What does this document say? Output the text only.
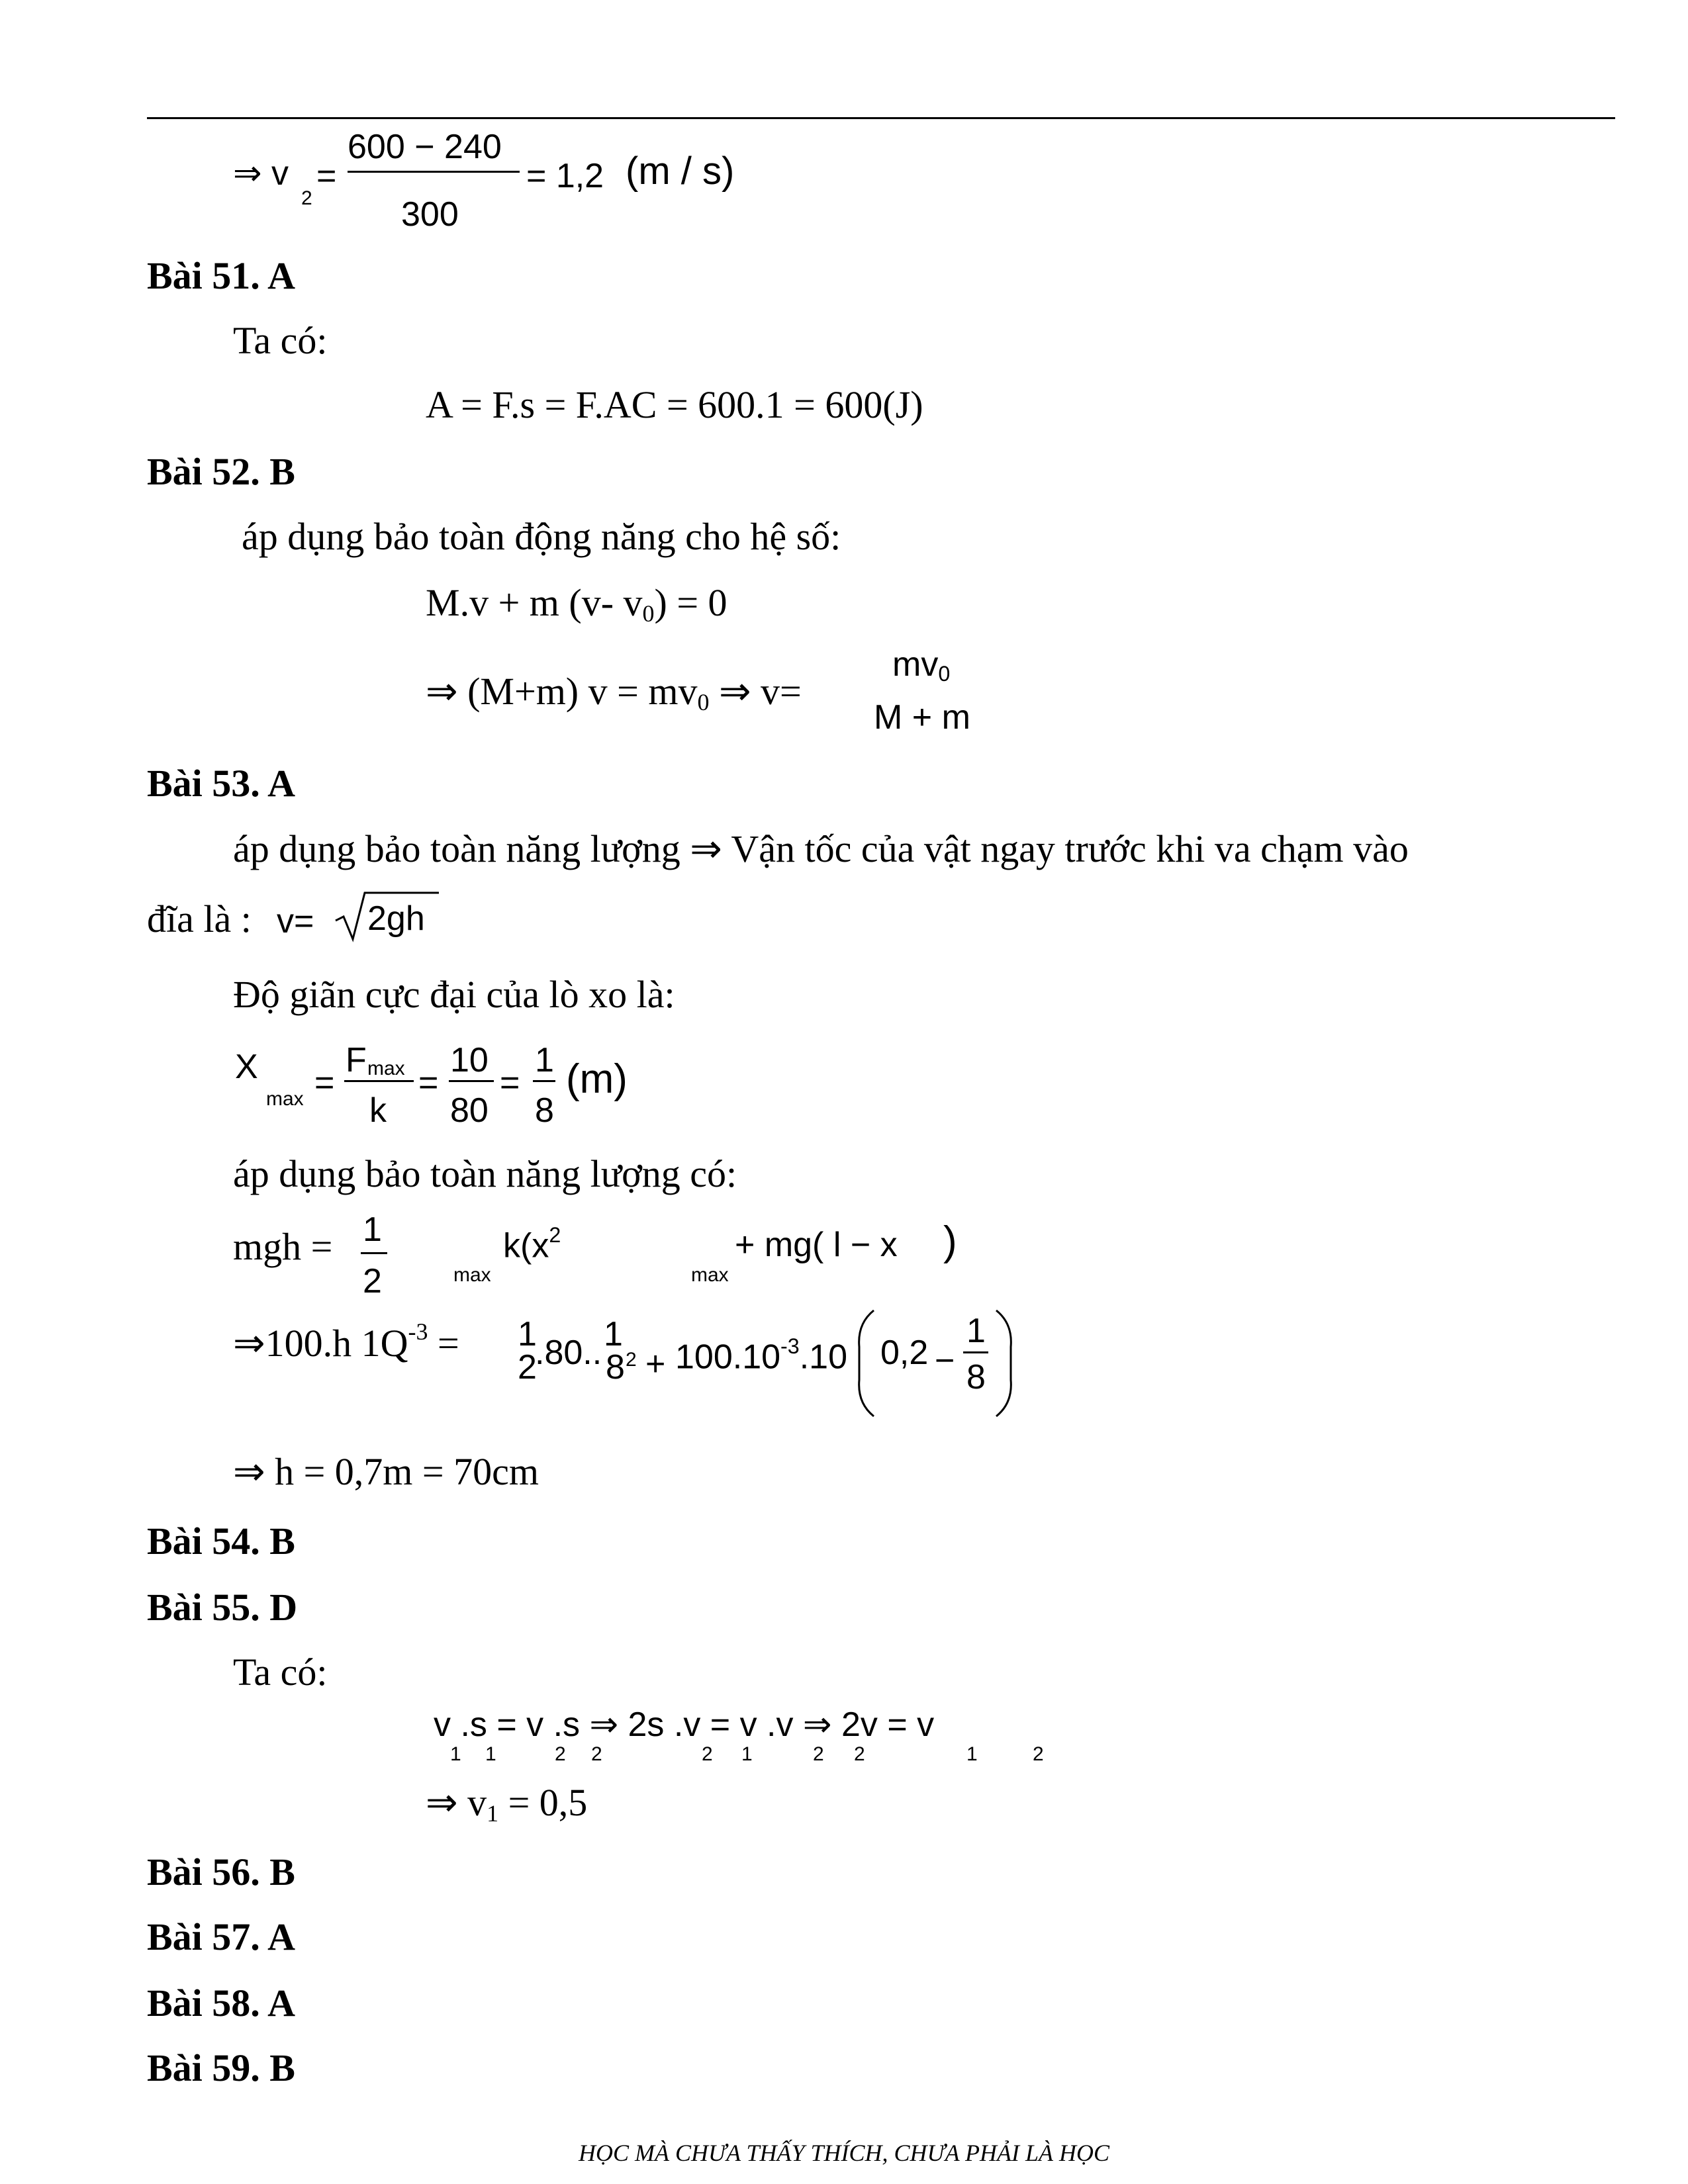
⇒ v
2
=
600 − 240
300
= 1,2 (m / s)
Bài 51. A
Ta có:
A = F.s = F.AC = 600.1 = 600(J)
Bài 52. B
áp dụng bảo toàn động năng cho hệ số:
M.v + m (v- $v_0) = 0$
⇒ (M+m) $v = mv_0$ ⇒ v=
$mv_0$
M + m
Bài 53. A
áp dụng bảo toàn năng lượng ⇒ Vận tốc của vật ngay trước khi va chạm vào
đĩa là : v= 2gh
Độ giãn cực đại của lò xo là:
X
max =
F max
k
=
10
80
=
1
8
(m)
áp dụng bảo toàn năng lượng có:
mgh = 1
2	max
$k(x^2$
max
+ mg( l − x )
⇒100.h $1Q^{-3} = 1$
2
.80.. 1
8 $2 + 100.10^{-3}.10$ 0,2 −
1
8
⇒ h = 0,7m = 70cm
Bài 54. B
Bài 55. D
Ta có:
v .s = v .s ⇒ 2s .v = v .v ⇒ 2v = v
1 1	2 2	2 1	2 2	1	2
⇒ $v_1 = 0,5$
Bài 56. B
Bài 57. A
Bài 58. A
Bài 59. B
HỌC MÀ CHƯA THẤY THÍCH, CHƯA PHẢI LÀ HỌC
